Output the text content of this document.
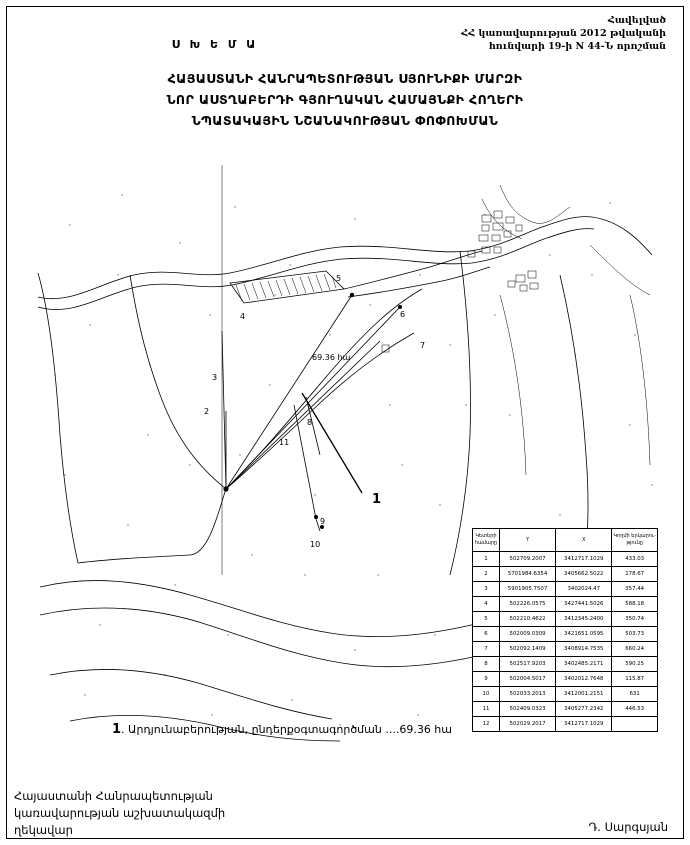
Հավելված
ՀՀ կառավարության 2012 թվականի
հունվարի 19-ի N 44-Ն որոշման
Ս Խ Ե Մ Ա
ՀԱՅԱՍՏԱՆԻ ՀԱՆՐԱՊԵՏՈՒԹՅԱՆ ՍՅՈՒՆԻՔԻ ՄԱՐԶԻ
ՆՈՐ ԱՍՏՂԱԲԵՐԴԻ ԳՅՈՒՂԱԿԱՆ ՀԱՄԱՅՆՔԻ ՀՈՂԵՐԻ
ՆՊԱՏԱԿԱՅԻՆ ՆՇԱՆԱԿՈՒԹՅԱՆ ՓՈՓՈԽՄԱՆ
1
2
3
4
5
6
7
8
9
10
11
69.36 հա
Կետերի համարը	Y	X	Կողմի երկարու-թյունը
1	502709.2007	3412717.1029	433.03
2	5701984.6354	3405662.5022	178.67
3	5901905.7507	3402024.47	357.44
4	502226.0575	3427441.5026	588.18
5	502210.4622	3412345.2400	350.74
6	502009.0309	3421651.0595	503.73
7	502092.1409	3408914.7535	660.24
8	502517.9203	3402485.2171	590.25
9	502004.5017	3402012.7648	115.87
10	502033.2013	3412001.2151	631
11	502409.0323	3405277.2342	446.53
12	502029.2017	3412717.1029	
1. Արդյունաբերության, ընդերքօգտագործման ....69.36 հա
Հայաստանի Հանրապետության
կառավարության աշխատակազմի
ղեկավար	Դ. Սարգսյան
